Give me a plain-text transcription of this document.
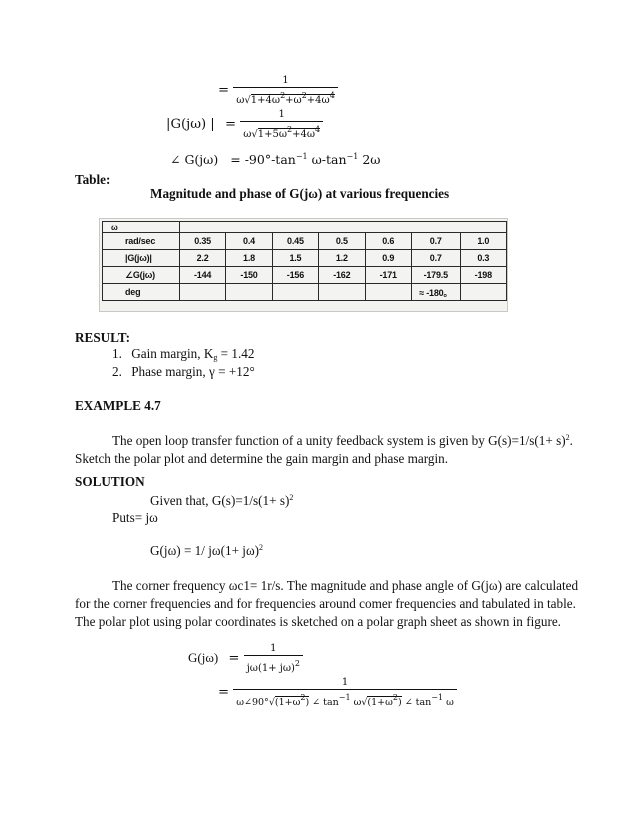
= $\frac{1}{\omega√1+4\omega^2+\omega^2+4\omega^4}$
|G(jω) | = $\frac{1}{\omega√1+5\omega^2+4\omega^4}$
∠ $G(j\omega) = -90^\circ-\tan^{-1}$ $\omega-\tan^{-1}$ 2ω
Table:
Magnitude and phase of G(jω) at various frequencies
ω							
rad/sec	0.35	0.4	0.45	0.5	0.6	0.7	1.0
|G(jω)|	2.2	1.8	1.5	1.2	0.9	0.7	0.3
∠G(jω)	-144	-150	-156	-162	-171	-179.5	-198
deg						≈ -180。	
RESULT:
1. Gain margin, $K_g = 1.42$
2. Phase margin, γ = +12°
EXAMPLE 4.7
The open loop transfer function of a unity feedback system is given by $G(s)=1/s(1+ s)^2$.
Sketch the polar plot and determine the gain margin and phase margin.
SOLUTION
Given that, $G(s)=1/s(1+ s)^2$
Puts= jω
G(jω) = 1/ $j\omega(1+ j\omega)^2$
The corner frequency ωc1= 1r/s. The magnitude and phase angle of G(jω) are calculated
for the corner frequencies and for frequencies around comer frequencies and tabulated in table.
The polar plot using polar coordinates is sketched on a polar graph sheet as shown in figure.
$G(j\omega) = \frac{1}{j\omega(1+ j\omega)^2}$
= $\frac{1}{\omega\angle 90^\circ√(1+\omega^2) \angle \tan^{-1} \omega√(1+\omega^2) \angle \tan^{-1} \omega}$
